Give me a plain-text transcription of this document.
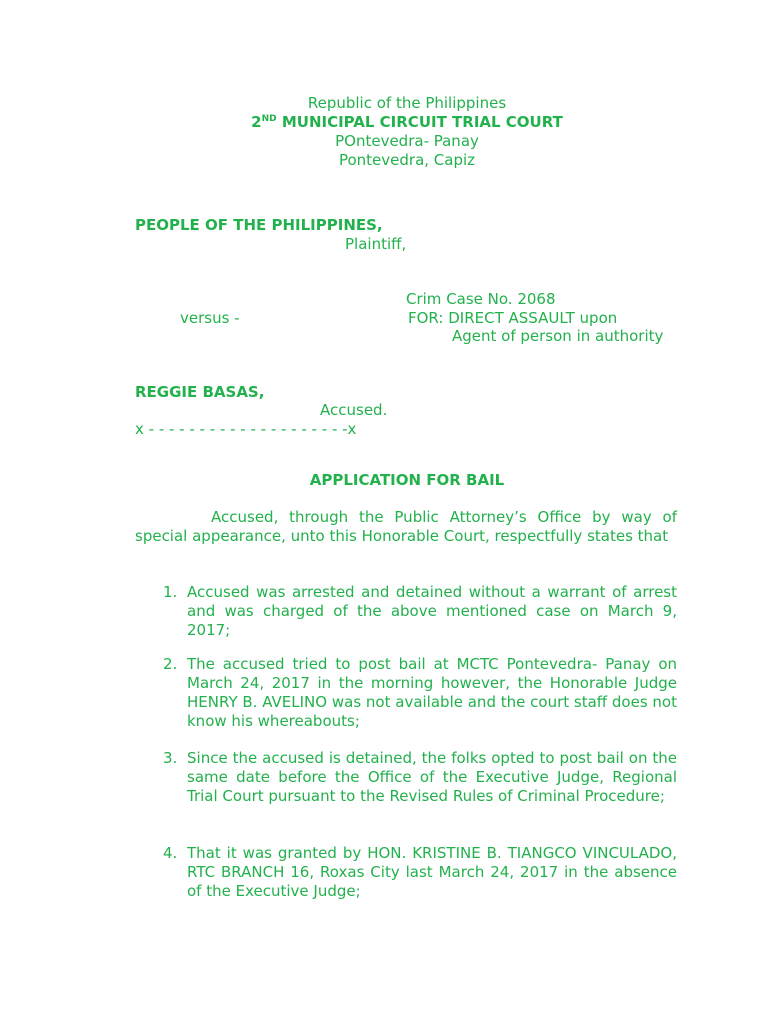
Republic of the Philippines
2ND MUNICIPAL CIRCUIT TRIAL COURT
POntevedra- Panay
Pontevedra, Capiz
PEOPLE OF THE PHILIPPINES,
Plaintiff,
Crim Case No. 2068
versus -	FOR: DIRECT ASSAULT upon
Agent of person in authority
REGGIE BASAS,
Accused.
x - - - - - - - - - - - - - - - - - - - -x
APPLICATION FOR BAIL
Accused, through the Public Attorney’s Office by way of special appearance, unto this Honorable Court, respectfully states that
1. Accused was arrested and detained without a warrant of arrest and was charged of the above mentioned case on March 9, 2017;
2. The accused tried to post bail at MCTC Pontevedra- Panay on March 24, 2017 in the morning however, the Honorable Judge HENRY B. AVELINO was not available and the court staff does not know his whereabouts;
3. Since the accused is detained, the folks opted to post bail on the same date before the Office of the Executive Judge, Regional Trial Court pursuant to the Revised Rules of Criminal Procedure;
4. That it was granted by HON. KRISTINE B. TIANGCO VINCULADO, RTC BRANCH 16, Roxas City last March 24, 2017 in the absence of the Executive Judge;
